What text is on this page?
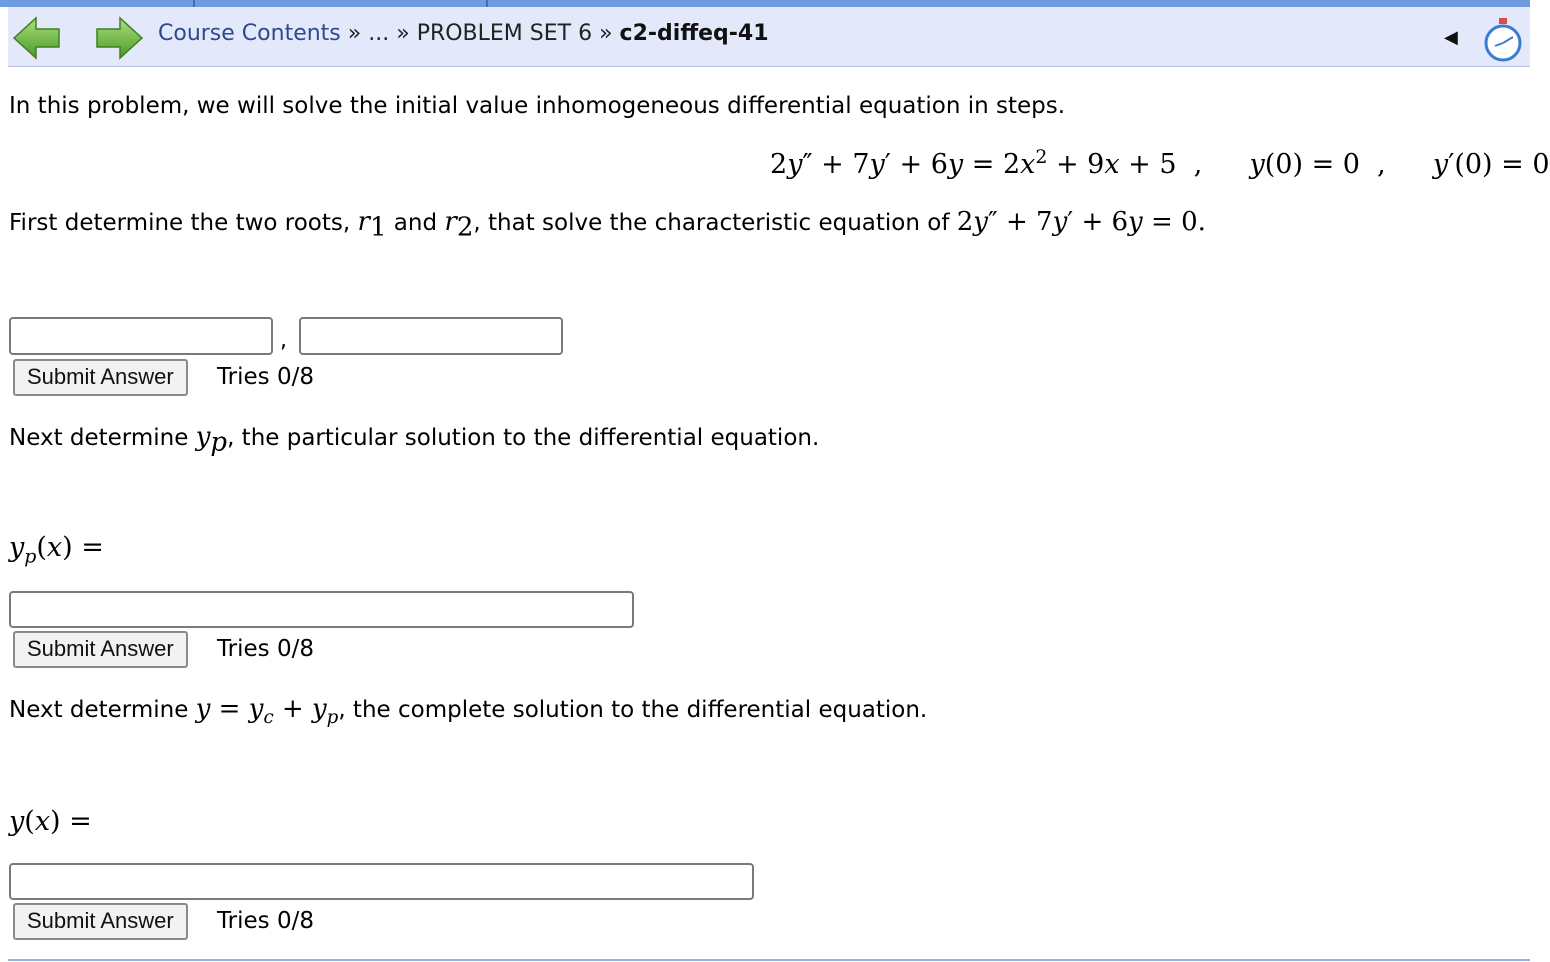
Course Contents » ... » PROBLEM SET 6 » c2-diffeq-41	◀
In this problem, we will solve the initial value inhomogeneous differential equation in steps.
$2y'' + 7y' + 6y = 2x^2 + 9x + 5$  , y(0) = 0  , y′(0) = 0
First determine the two roots, $r_1$ and $r_2$, that solve the characteristic equation of 2y″ + 7y′ + 6y = 0.
,
Submit Answer	Tries 0/8
Next determine $y_p$, the particular solution to the differential equation.
$y_p(x)$ =
Submit Answer	Tries 0/8
Next determine $y = y_c + y_p$, the complete solution to the differential equation.
y(x) =
Submit Answer	Tries 0/8
